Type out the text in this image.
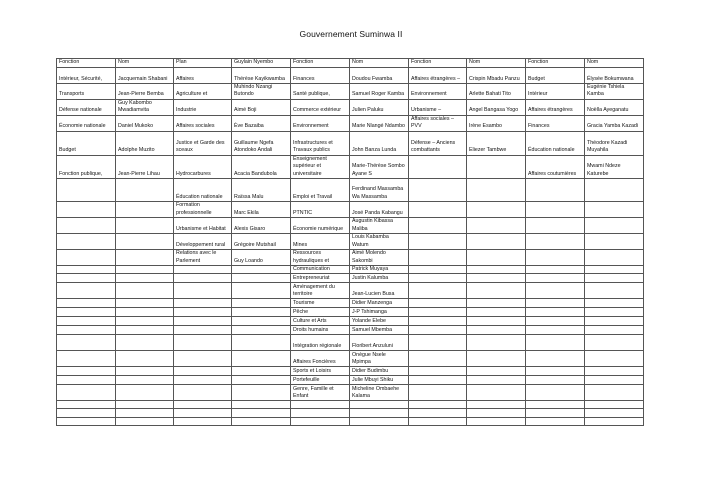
Gouvernement Suminwa II
Fonction	Nom	Plan	Guylain Nyembo	Fonction	Nom	Fonction	Nom	Fonction	Nom
Intérieur, Sécurité,	Jacquemain Shabani	Affaires	Thérèse Kayikwamba	Finances	Doudou Fwamba	Affaires étrangères –	Crispin Mbadu Panzu	Budget	Élysée Bokumwana
Transports	Jean-Pierre Bemba	Agriculture et	Muhindo Nzangi Butondo	Santé publique,	Samuel Roger Kamba	Environnement	Arlette Bahati Tito	Intérieur	Eugénie Tshiela Kamba
Défense nationale	Guy Kabombo Mwadiamvita	Industrie	Aimé Boji	Commerce extérieur	Julien Paluku	Urbanisme –	Angel Bangasa Yogo	Affaires étrangères	Noëlla Ayeganatu
Économie nationale	Daniel Mukoko	Affaires sociales	Ève Bazaiba	Environnement	Marie Nlangé Ndambo	Affaires sociales – PVV	Irène Esambo	Finances	Gracia Yamba Kazadi
Budget	Adolphe Muzito	Justice et Garde des sceaux	Guillaume Ngefa Atondoko Andali	Infrastructures et Travaux publics	John Banza Lunda	Défense – Anciens combattants	Eliezer Tambwe	Éducation nationale	Théodore Kazadi Muyahila
Fonction publique,	Jean-Pierre Lihau	Hydrocarbures	Acacia Bandubola	Enseignement supérieur et universitaire	Marie-Thérèse Sombo Ayane S			Affaires coutumières	Mwami Ndeze Katurebe
		Éducation nationale	Raïssa Malu	Emploi et Travail	Ferdinand Massamba Wa Massamba				
		Formation professionnelle	Marc Ekila	PTNTIC	José Panda Kabangu				
		Urbanisme et Habitat	Alexis Gisaro	Économie numérique	Augustin Kibassa Maliba				
		Développement rural	Grégoire Mutshail	Mines	Louis Kabamba Watum				
		Relations avec le Parlement	Guy Loando	Ressources hydrauliques et	Aimé Molendo Sakombi				
				Communication	Patrick Muyaya				
				Entrepreneuriat	Justin Kalumba				
				Aménagement du territoire	Jean-Lucien Busa				
				Tourisme	Didier Manzenga				
				Pêche	J-P Tshimanga				
				Culture et Arts	Yolande Elebe				
				Droits humains	Samuel Mbemba				
				Intégration régionale	Floribert Anzuluni				
				Affaires Foncières	Onègue Nsele Mpimpa				
				Sports et Loisirs	Didier Budimbu				
				Portefeuille	Julie Mbuyi Shiku				
				Genre, Famille et Enfant	Micheline Ombaehe Kalama				
